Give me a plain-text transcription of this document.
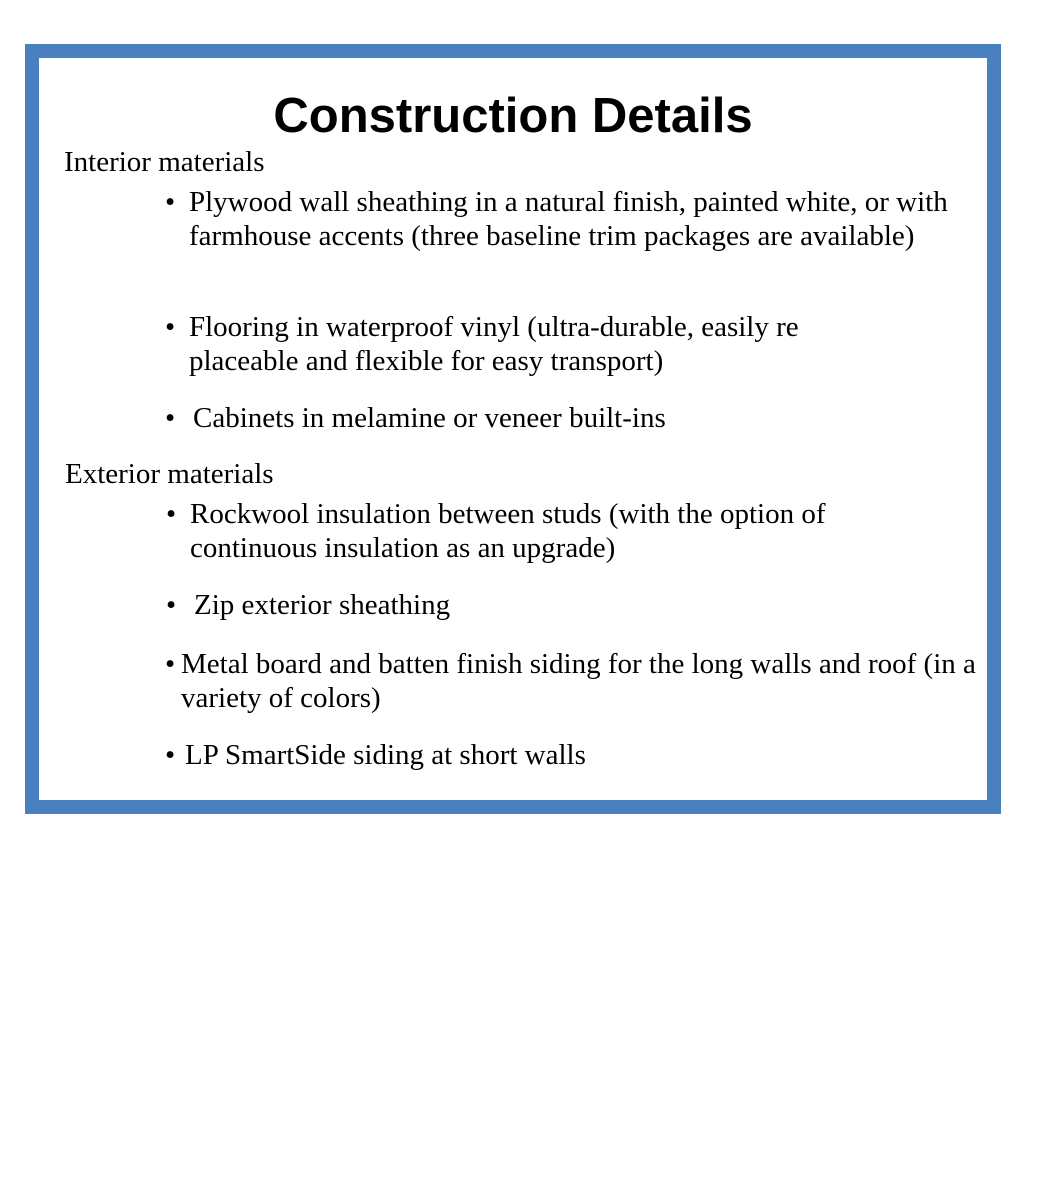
Construction Details
Interior materials
• Plywood wall sheathing in a natural finish, painted white, or with farmhouse accents (three baseline trim packages are available)
• Flooring in waterproof vinyl (ultra-durable, easily re placeable and flexible for easy transport)
• Cabinets in melamine or veneer built-ins
Exterior materials
• Rockwool insulation between studs (with the option of continuous insulation as an upgrade)
• Zip exterior sheathing
• Metal board and batten finish siding for the long walls and roof (in a variety of colors)
• LP SmartSide siding at short walls
